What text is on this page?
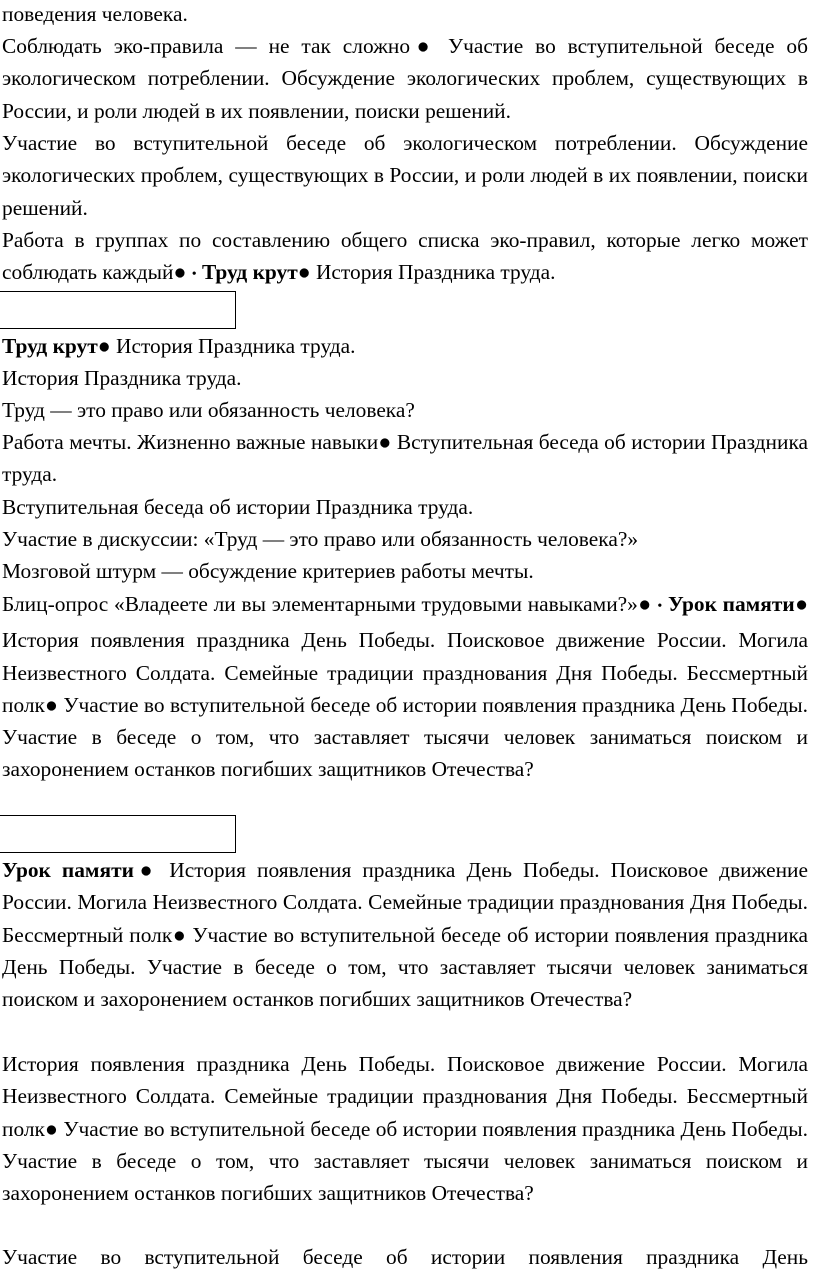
поведения человека.

Соблюдать эко-правила — не так сложно● Участие во вступительной беседе об экологическом потреблении. Обсуждение экологических проблем, существующих в России, и роли людей в их появлении, поиски решений.

Участие во вступительной беседе об экологическом потреблении. Обсуждение экологических проблем, существующих в России, и роли людей в их появлении, поиски решений.

Работа в группах по составлению общего списка эко-правил, которые легко может соблюдать каждый● • Труд крут● История Праздника труда.

Труд крут● История Праздника труда.

История Праздника труда.

Труд — это право или обязанность человека?

Работа мечты. Жизненно важные навыки● Вступительная беседа об истории Праздника труда.

Вступительная беседа об истории Праздника труда.

Участие в дискуссии: «Труд — это право или обязанность человека?»

Мозговой штурм — обсуждение критериев работы мечты.

Блиц-опрос «Владеете ли вы элементарными трудовыми навыками?»● • Урок памяти● История появления праздника День Победы. Поисковое движение России. Могила Неизвестного Солдата. Семейные традиции празднования Дня Победы. Бессмертный полк● Участие во вступительной беседе об истории появления праздника День Победы. Участие в беседе о том, что заставляет тысячи человек заниматься поиском и захоронением останков погибших защитников Отечества?

Урок памяти● История появления праздника День Победы. Поисковое движение России. Могила Неизвестного Солдата. Семейные традиции празднования Дня Победы. Бессмертный полк● Участие во вступительной беседе об истории появления праздника День Победы. Участие в беседе о том, что заставляет тысячи человек заниматься поиском и захоронением останков погибших защитников Отечества?

История появления праздника День Победы. Поисковое движение России. Могила Неизвестного Солдата. Семейные традиции празднования Дня Победы. Бессмертный полк● Участие во вступительной беседе об истории появления праздника День Победы. Участие в беседе о том, что заставляет тысячи человек заниматься поиском и захоронением останков погибших защитников Отечества?

Участие во вступительной беседе об истории появления праздника День
